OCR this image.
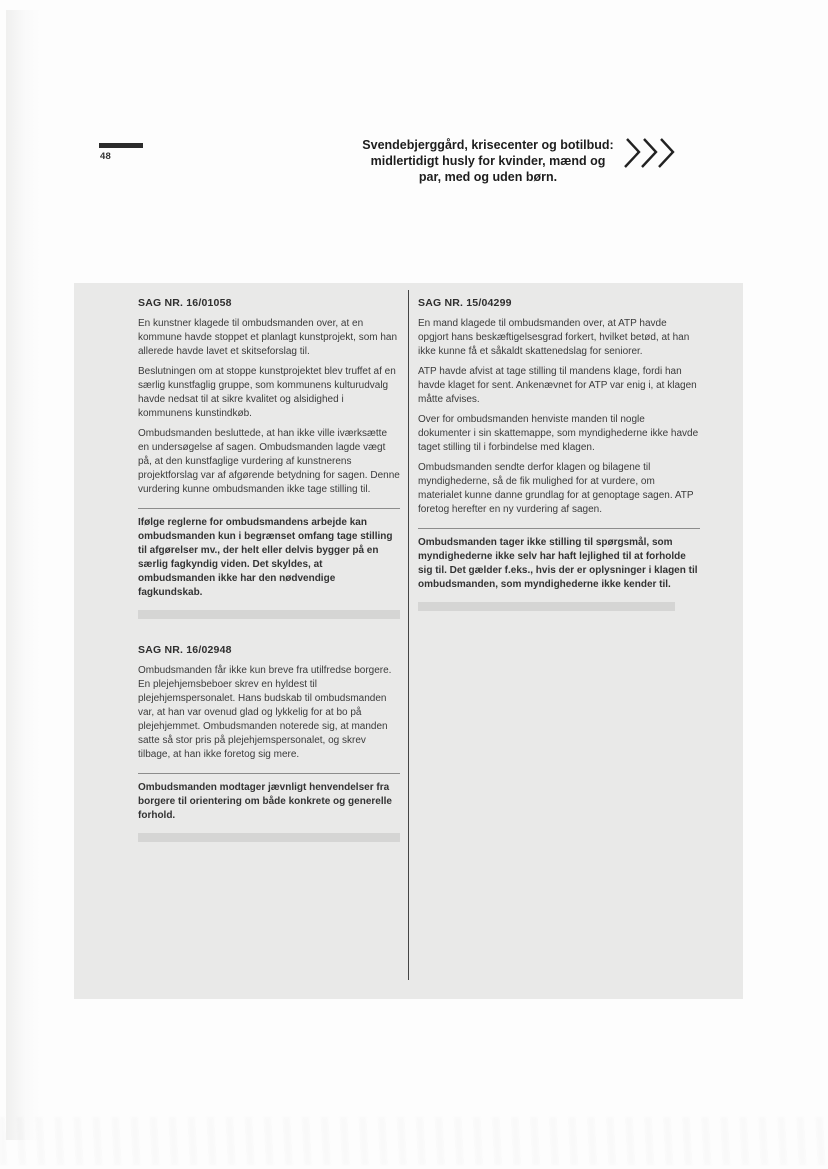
48
Svendebjerggård, krisecenter og botilbud: midlertidigt husly for kvinder, mænd og par, med og uden børn.
SAG NR. 16/01058

En kunstner klagede til ombudsmanden over, at en kommune havde stoppet et planlagt kunstprojekt, som han allerede havde lavet et skitseforslag til.

Beslutningen om at stoppe kunstprojektet blev truffet af en særlig kunstfaglig gruppe, som kommunens kulturudvalg havde nedsat til at sikre kvalitet og alsidighed i kommunens kunstindkøb.

Ombudsmanden besluttede, at han ikke ville iværksætte en undersøgelse af sagen. Ombudsmanden lagde vægt på, at den kunstfaglige vurdering af kunstnerens projektforslag var af afgørende betydning for sagen. Denne vurdering kunne ombudsmanden ikke tage stilling til.

Ifølge reglerne for ombudsmandens arbejde kan ombudsmanden kun i begrænset omfang tage stilling til afgørelser mv., der helt eller delvis bygger på en særlig fagkyndig viden. Det skyldes, at ombudsmanden ikke har den nødvendige fagkundskab.

SAG NR. 16/02948

Ombudsmanden får ikke kun breve fra utilfredse borgere. En plejehjemsbeboer skrev en hyldest til plejehjemspersonalet. Hans budskab til ombudsmanden var, at han var ovenud glad og lykkelig for at bo på plejehjemmet. Ombudsmanden noterede sig, at manden satte så stor pris på plejehjemspersonalet, og skrev tilbage, at han ikke foretog sig mere.

Ombudsmanden modtager jævnligt henvendelser fra borgere til orientering om både konkrete og generelle forhold.

SAG NR. 15/04299

En mand klagede til ombudsmanden over, at ATP havde opgjort hans beskæftigelsesgrad forkert, hvilket betød, at han ikke kunne få et såkaldt skattenedslag for seniorer.

ATP havde afvist at tage stilling til mandens klage, fordi han havde klaget for sent. Ankenævnet for ATP var enig i, at klagen måtte afvises.

Over for ombudsmanden henviste manden til nogle dokumenter i sin skattemappe, som myndighederne ikke havde taget stilling til i forbindelse med klagen.

Ombudsmanden sendte derfor klagen og bilagene til myndighederne, så de fik mulighed for at vurdere, om materialet kunne danne grundlag for at genoptage sagen. ATP foretog herefter en ny vurdering af sagen.

Ombudsmanden tager ikke stilling til spørgsmål, som myndighederne ikke selv har haft lejlighed til at forholde sig til. Det gælder f.eks., hvis der er oplysninger i klagen til ombudsmanden, som myndighederne ikke kender til.
